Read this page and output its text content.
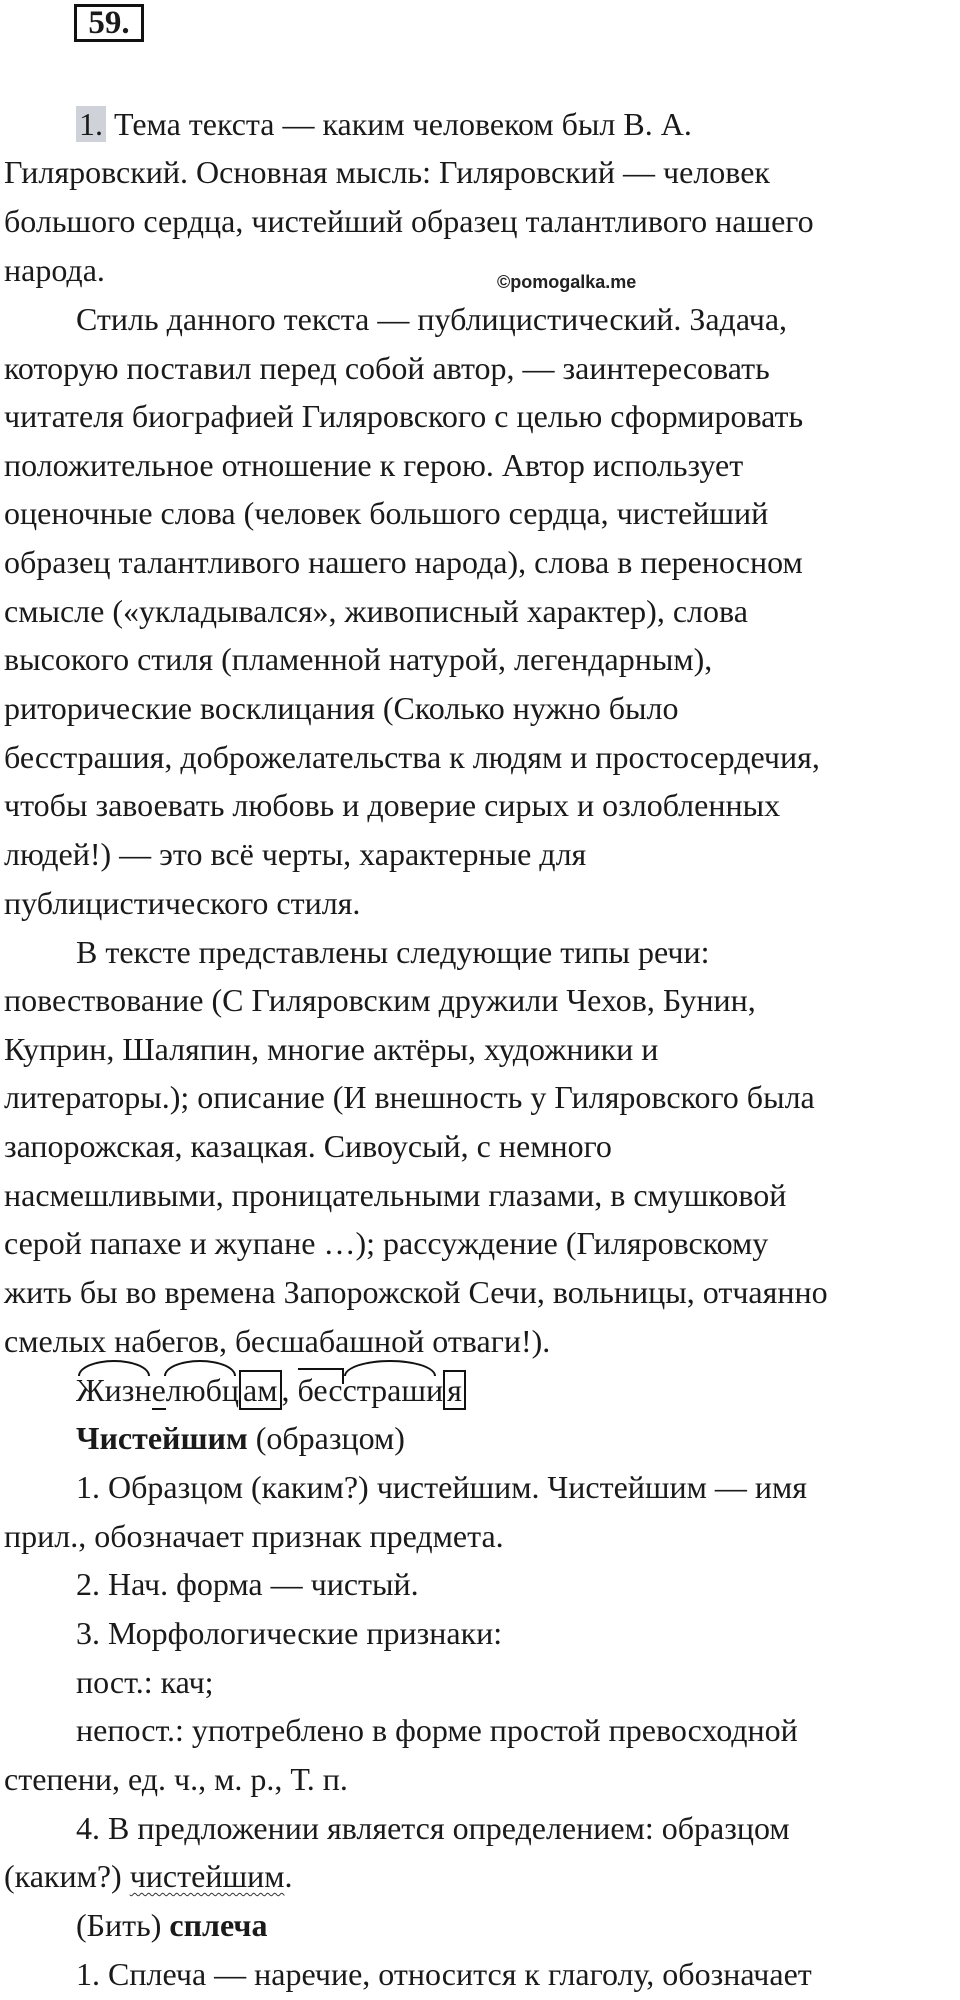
59.
©pomogalka.me
1. Тема текста — каким человеком был В. А.
Гиляровский. Основная мысль: Гиляровский — человек
большого сердца, чистейший образец талантливого нашего
народа.
Стиль данного текста — публицистический. Задача,
которую поставил перед собой автор, — заинтересовать
читателя биографией Гиляровского с целью сформировать
положительное отношение к герою. Автор использует
оценочные слова (человек большого сердца, чистейший
образец талантливого нашего народа), слова в переносном
смысле («укладывался», живописный характер), слова
высокого стиля (пламенной натурой, легендарным),
риторические восклицания (Сколько нужно было
бесстрашия, доброжелательства к людям и простосердечия,
чтобы завоевать любовь и доверие сирых и озлобленных
людей!) — это всё черты, характерные для
публицистического стиля.
В тексте представлены следующие типы речи:
повествование (С Гиляровским дружили Чехов, Бунин,
Куприн, Шаляпин, многие актёры, художники и
литераторы.); описание (И внешность у Гиляровского была
запорожская, казацкая. Сивоусый, с немного
насмешливыми, проницательными глазами, в смушковой
серой папахе и жупане …); рассуждение (Гиляровскому
жить бы во времена Запорожской Сечи, вольницы, отчаянно
смелых набегов, бесшабашной отваги!).
Жизнелюбц ам ,
бесстраши я
Чистейшим (образцом)
1. Образцом (каким?) чистейшим. Чистейшим — имя
прил., обозначает признак предмета.
2. Нач. форма — чистый.
3. Морфологические признаки:
пост.: кач;
непост.: употреблено в форме простой превосходной
степени, ед. ч., м. р., Т. п.
4. В предложении является определением: образцом
(каким?) чистейшим.
(Бить) сплеча
1. Сплеча — наречие, относится к глаголу, обозначает
